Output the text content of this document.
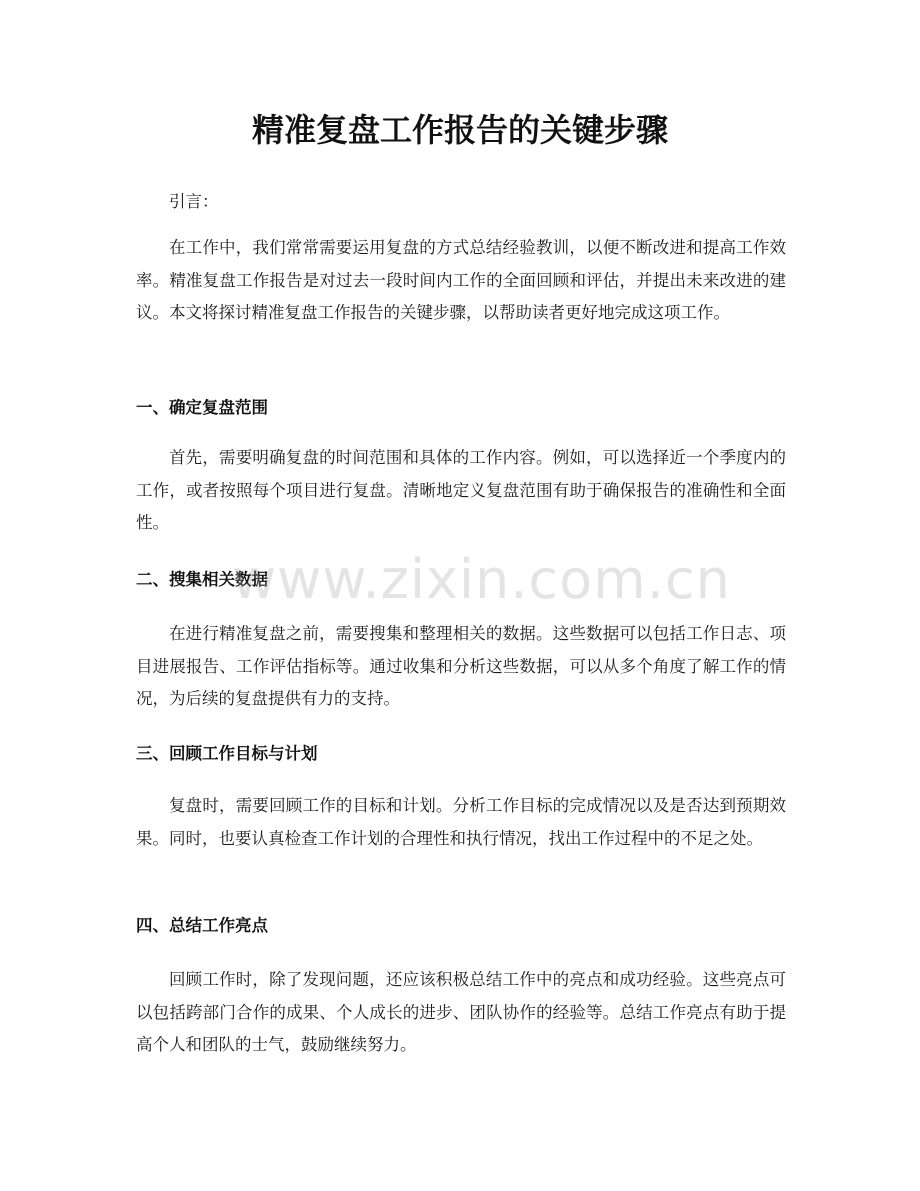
精准复盘工作报告的关键步骤

引言：

在工作中，我们常常需要运用复盘的方式总结经验教训，以便不断改进和提高工作效率。精准复盘工作报告是对过去一段时间内工作的全面回顾和评估，并提出未来改进的建议。本文将探讨精准复盘工作报告的关键步骤，以帮助读者更好地完成这项工作。

一、确定复盘范围

首先，需要明确复盘的时间范围和具体的工作内容。例如，可以选择近一个季度内的工作，或者按照每个项目进行复盘。清晰地定义复盘范围有助于确保报告的准确性和全面性。

二、搜集相关数据

在进行精准复盘之前，需要搜集和整理相关的数据。这些数据可以包括工作日志、项目进展报告、工作评估指标等。通过收集和分析这些数据，可以从多个角度了解工作的情况，为后续的复盘提供有力的支持。

三、回顾工作目标与计划

复盘时，需要回顾工作的目标和计划。分析工作目标的完成情况以及是否达到预期效果。同时，也要认真检查工作计划的合理性和执行情况，找出工作过程中的不足之处。

四、总结工作亮点

回顾工作时，除了发现问题，还应该积极总结工作中的亮点和成功经验。这些亮点可以包括跨部门合作的成果、个人成长的进步、团队协作的经验等。总结工作亮点有助于提高个人和团队的士气，鼓励继续努力。

www.zixin.com.cn
